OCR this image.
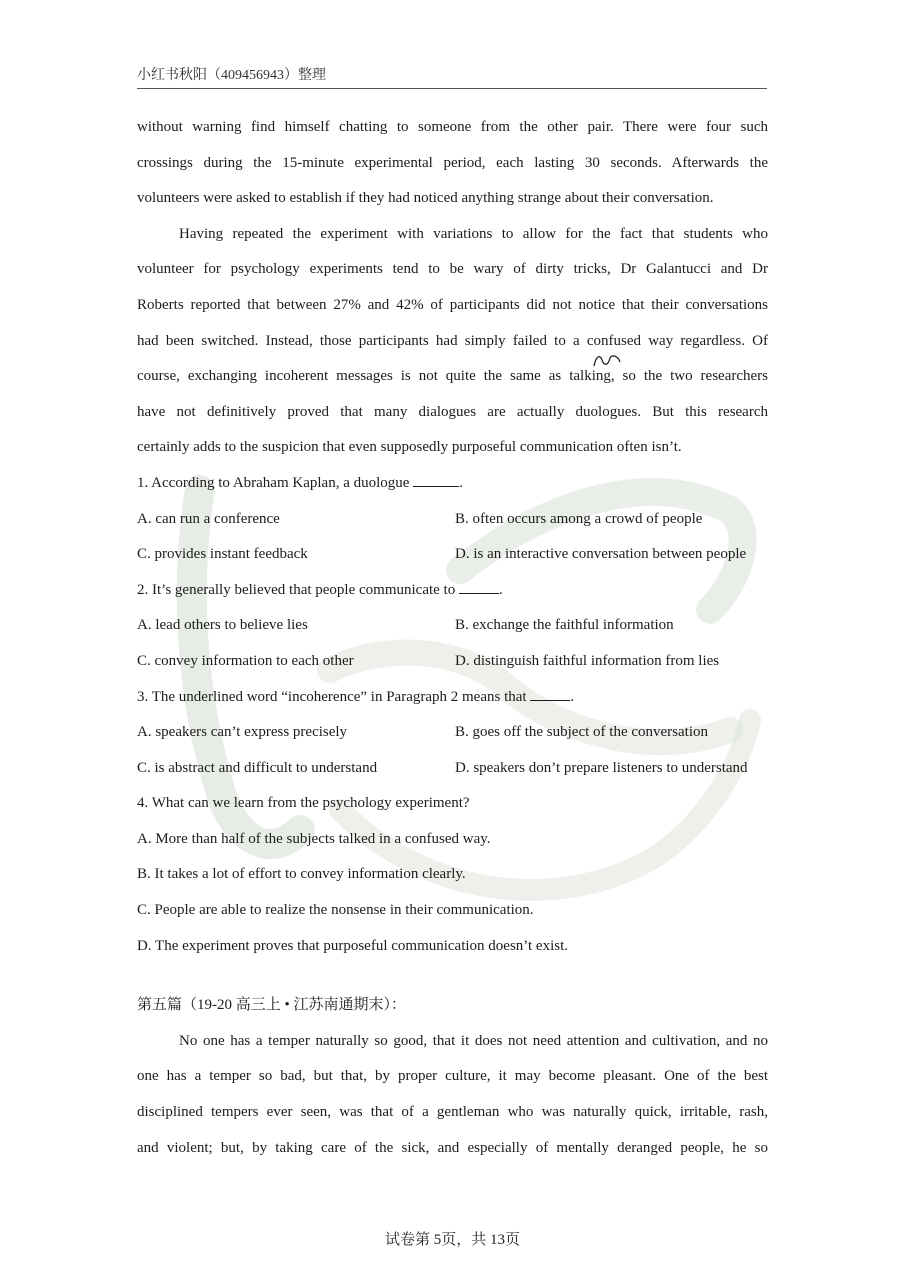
小红书秋阳（409456943）整理
without warning find himself chatting to someone from the other pair. There were four such
crossings during the 15-minute experimental period, each lasting 30 seconds. Afterwards the
volunteers were asked to establish if they had noticed anything strange about their conversation.
Having repeated the experiment with variations to allow for the fact that students who
volunteer for psychology experiments tend to be wary of dirty tricks, Dr Galantucci and Dr
Roberts reported that between 27% and 42% of participants did not notice that their conversations
had been switched. Instead, those participants had simply failed to a confused way regardless. Of
course, exchanging incoherent messages is not quite the same as talking, so the two researchers
have not definitively proved that many dialogues are actually duologues. But this research
certainly adds to the suspicion that even supposedly purposeful communication often isn’t.
1. According to Abraham Kaplan, a duologue	.
A. can run a conference	B. often occurs among a crowd of people
C. provides instant feedback	D. is an interactive conversation between people
2. It’s generally believed that people communicate to	.
A. lead others to believe lies	B. exchange the faithful information
C. convey information to each other	D. distinguish faithful information from lies
3. The underlined word “incoherence” in Paragraph 2 means that	.
A. speakers can’t express precisely	B. goes off the subject of the conversation
C. is abstract and difficult to understand	D. speakers don’t prepare listeners to understand
4. What can we learn from the psychology experiment?
A. More than half of the subjects talked in a confused way.
B. It takes a lot of effort to convey information clearly.
C. People are able to realize the nonsense in their communication.
D. The experiment proves that purposeful communication doesn’t exist.
第五篇（19-20 高三上 • 江苏南通期末）：
No one has a temper naturally so good, that it does not need attention and cultivation, and no
one has a temper so bad, but that, by proper culture, it may become pleasant. One of the best
disciplined tempers ever seen, was that of a gentleman who was naturally quick, irritable, rash,
and violent; but, by taking care of the sick, and especially of mentally deranged people, he so
试卷第 5页，共 13页
